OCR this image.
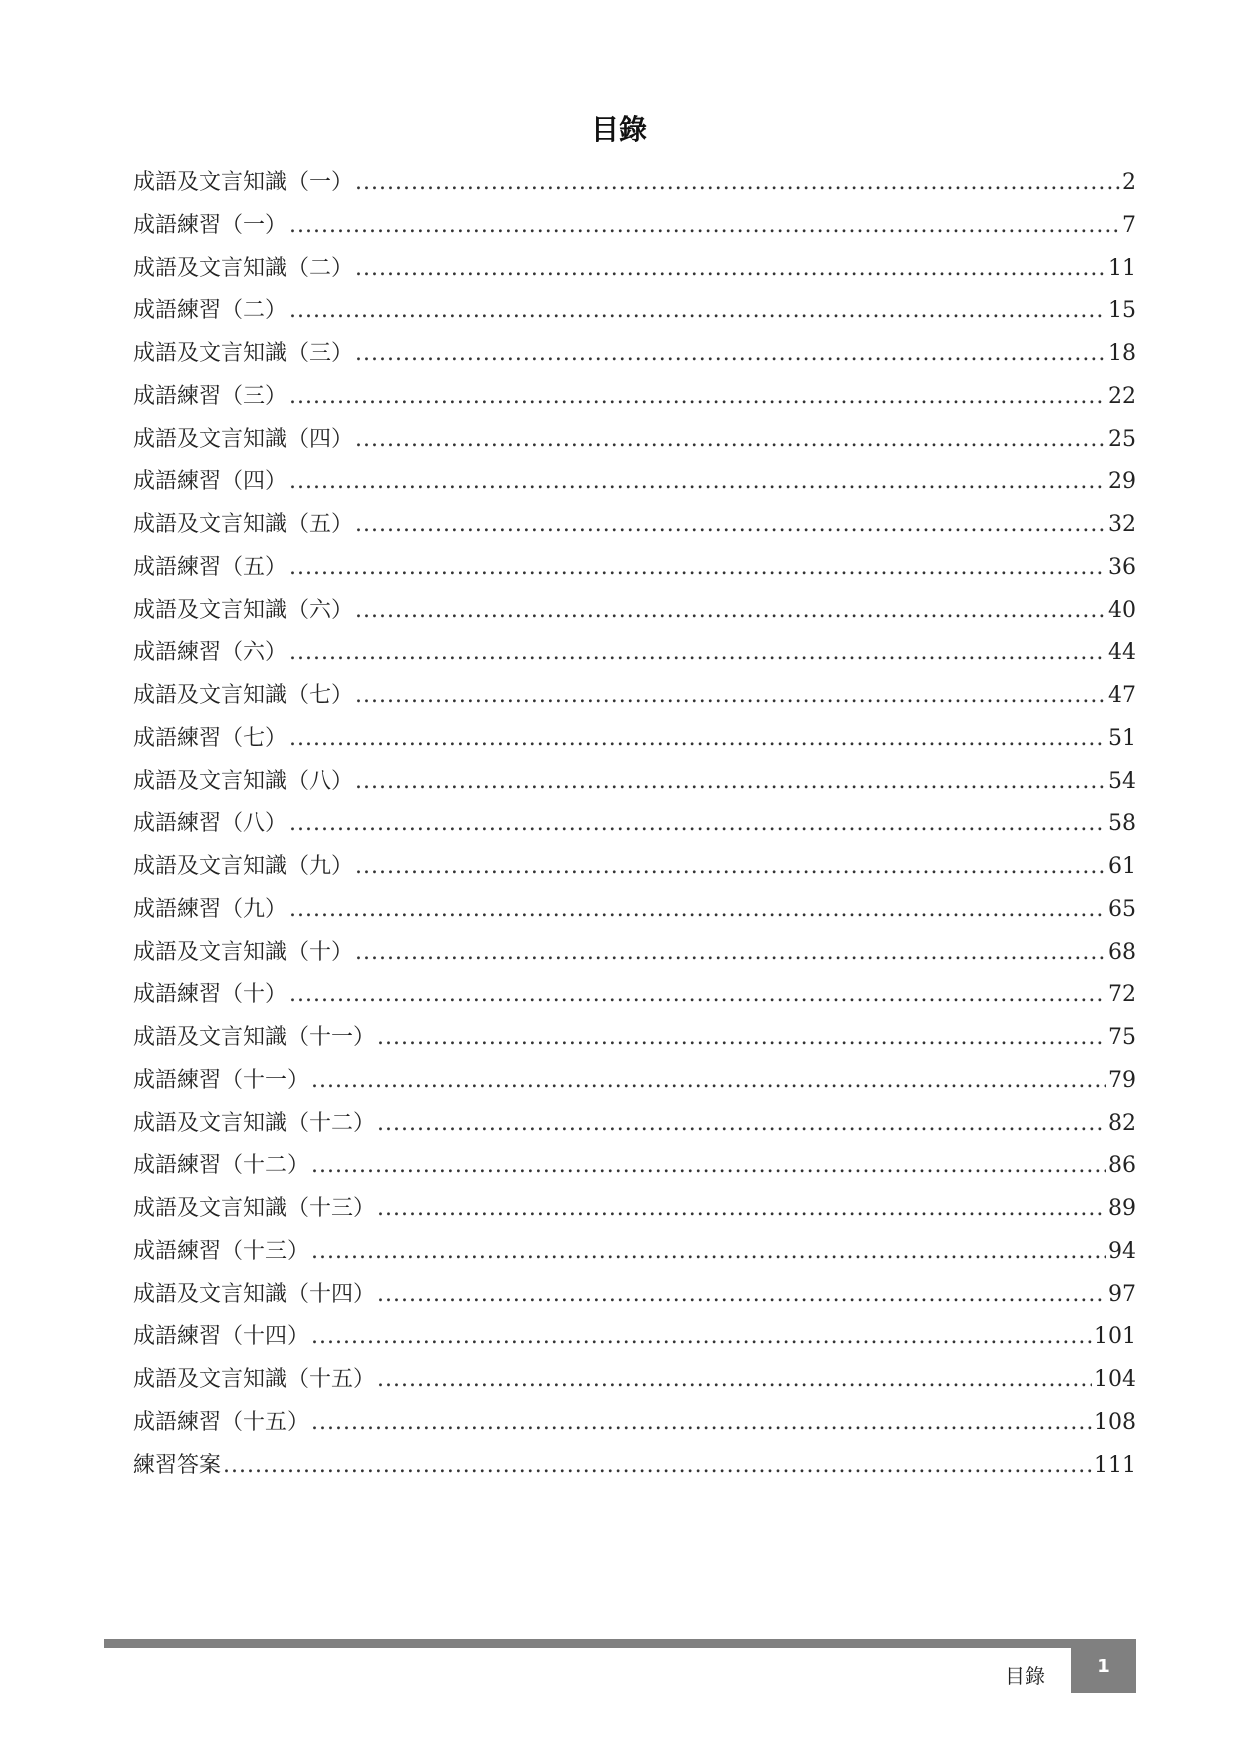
目錄
成語及文言知識（一） .....	2
成語練習（一） .....	7
成語及文言知識（二） .....	11
成語練習（二） .....	15
成語及文言知識（三） .....	18
成語練習（三） .....	22
成語及文言知識（四） .....	25
成語練習（四） .....	29
成語及文言知識（五） .....	32
成語練習（五） .....	36
成語及文言知識（六） .....	40
成語練習（六） .....	44
成語及文言知識（七） .....	47
成語練習（七） .....	51
成語及文言知識（八） .....	54
成語練習（八） .....	58
成語及文言知識（九） .....	61
成語練習（九） .....	65
成語及文言知識（十） .....	68
成語練習（十） .....	72
成語及文言知識（十一） .....	75
成語練習（十一） .....	79
成語及文言知識（十二） .....	82
成語練習（十二） .....	86
成語及文言知識（十三） .....	89
成語練習（十三） .....	94
成語及文言知識（十四） .....	97
成語練習（十四） .....	101
成語及文言知識（十五） .....	104
成語練習（十五） .....	108
練習答案 .....	111
目錄	1
